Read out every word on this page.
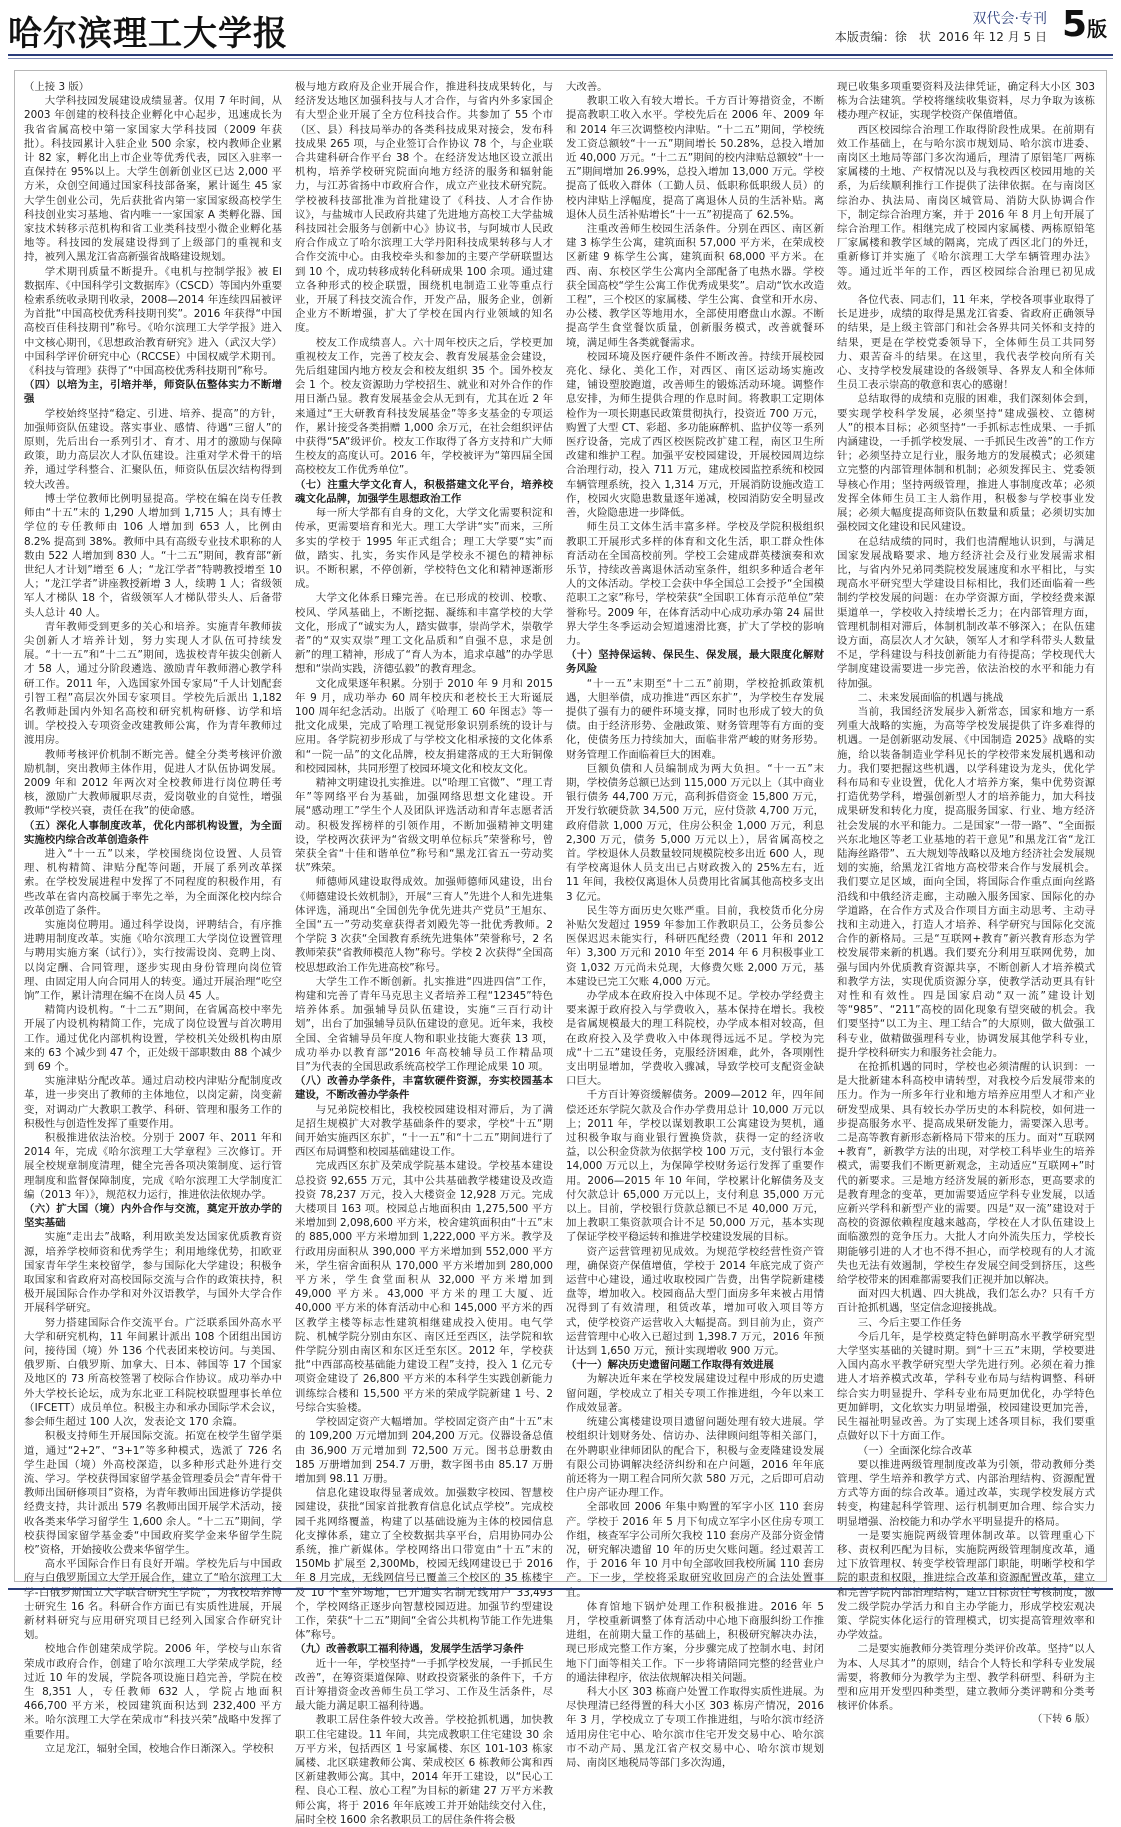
哈尔滨理工大学报	双代会·专刊
本版责编：徐　状 2016 年 12 月 5 日 5版

（上接 3 版）

大学科技园发展建设成绩显著。仅用 7 年时间，从 2003 年创建的校科技企业孵化中心起步，迅速成长为我省省属高校中第一家国家大学科技园（2009 年获批）。科技园累计入驻企业 500 余家，校内教师企业累计 82 家，孵化出上市企业等优秀代表，园区入驻率一直保持在 95%以上。大学生创新创业区已达 2,000 平方米，众创空间通过国家科技部备案，累计诞生 45 家大学生创业公司，先后获批省内第一家国家级高校学生科技创业实习基地、省内唯一一家国家 A 类孵化器、国家技术转移示范机构和省工业类科技型小微企业孵化基地等。科技园的发展建设得到了上级部门的重视和支持，被列入黑龙江省高新强省战略建设规划。

学术期刊质量不断提升。《电机与控制学报》被 EI 数据库、《中国科学引文数据库》（CSCD）等国内外重要检索系统收录期刊收录，2008—2014 年连续四届被评为首批“中国高校优秀科技期刊奖”。2016 年获得“中国高校百佳科技期刊”称号。《哈尔滨理工大学学报》进入中文核心期刊，《思想政治教育研究》进入（武汉大学）中国科学评价研究中心（RCCSE）中国权威学术期刊。《科技与管理》获得了“中国高校优秀科技期刊”称号。

（四）以培为主，引培并举，师资队伍整体实力不断增强

学校始终坚持“稳定、引进、培养、提高”的方针，加强师资队伍建设。落实事业、感情、待遇“三留人”的原则，先后出台一系列引才、育才、用才的激励与保障政策，助力高层次人才队伍建设。注重对学术骨干的培养，通过学科整合、汇聚队伍，师资队伍层次结构得到较大改善。

博士学位教师比例明显提高。学校在编在岗专任教师由“十五”末的 1,290 人增加到 1,715 人；具有博士学位的专任教师由 106 人增加到 653 人，比例由 8.2% 提高到 38%。教师中具有高级专业技术职称的人数由 522 人增加到 830 人。“十二五”期间，教育部“新世纪人才计划”增至 6 人；“龙江学者”特聘教授增至 10 人；“龙江学者”讲座教授新增 3 人，续聘 1 人；省级领军人才梯队 18 个，省级领军人才梯队带头人、后备带头人总计 40 人。

青年教师受到更多的关心和培养。实施青年教师拔尖创新人才培养计划，努力实现人才队伍可持续发展。“十一五”和“十二五”期间，选拔校青年拔尖创新人才 58 人，通过分阶段遴选、激励青年教师潜心教学科研工作。2011 年，入选国家外国专家局“千人计划配套引智工程”高层次外国专家项目。学校先后派出 1,182 名教师赴国内外知名高校和研究机构研修、访学和培训。学校投入专项资金改建教师公寓，作为青年教师过渡用房。

教师考核评价机制不断完善。健全分类考核评价激励机制，突出教师主体作用，促进人才队伍协调发展。2009 年和 2012 年两次对全校教师进行岗位聘任考核，激励广大教师履职尽责，爱岗敬业的自觉性，增强教师“学校兴衰，责任在我”的使命感。

（五）深化人事制度改革，优化内部机构设置，为全面实施校内综合改革创造条件

进入“十一五”以来，学校围绕岗位设置、人员管理、机构精简、津贴分配等问题，开展了系列改革探索。在学校发展进程中发挥了不同程度的积极作用，有些改革在省内高校属于率先之举，为全面深化校内综合改革创造了条件。

实施岗位聘用。通过科学设岗，评聘结合，有序推进聘用制度改革。实施《哈尔滨理工大学岗位设置管理与聘用实施方案（试行）》，实行按需设岗、竞聘上岗、以岗定酬、合同管理，逐步实现由身份管理向岗位管理、由固定用人向合同用人的转变。通过开展治理“吃空饷”工作，累计清理在编不在岗人员 45 人。

精简内设机构。“十二五”期间，在省属高校中率先开展了内设机构精简工作，完成了岗位设置与首次聘用工作。通过优化内部机构设置，学校机关处级机构由原来的 63 个减少到 47 个，正处级干部职数由 88 个减少到 69 个。

实施津贴分配改革。通过启动校内津贴分配制度改革，进一步突出了教师的主体地位，以岗定薪，岗变薪变，对调动广大教职工教学、科研、管理和服务工作的积极性与创造性发挥了重要作用。

积极推进依法治校。分别于 2007 年、2011 年和 2014 年，完成《哈尔滨理工大学章程》三次修订。开展全校规章制度清理，健全完善各项决策制度、运行管理制度和监督保障制度，完成《哈尔滨理工大学制度汇编（2013 年）》，规范权力运行，推进依法依规办学。

（六）扩大国（境）内外合作与交流，奠定开放办学的坚实基础

实施“走出去”战略，利用欧美发达国家优质教育资源，培养学校师资和优秀学生；利用地缘优势，扣欧亚国家青年学生来校留学，参与国际化大学建设；积极争取国家和省政府对高校国际交流与合作的政策扶持，积极开展国际合作办学和对外汉语教学，与国外大学合作开展科学研究。

努力搭建国际合作交流平台。广泛联系国外高水平大学和研究机构，11 年间累计派出 108 个团组出国访问，接待国（境）外 136 个代表团来校访问。与美国、俄罗斯、白俄罗斯、加拿大、日本、韩国等 17 个国家及地区的 73 所高校签署了校际合作协议。成功举办中外大学校长论坛，成为东北亚工科院校联盟理事长单位（IFCETT）成员单位。积极主办和承办国际学术会议，参会师生超过 100 人次，发表论文 170 余篇。

积极支持师生开展国际交流。拓宽在校学生留学渠道，通过“2+2”、“3+1”等多种模式，选派了 726 名学生赴国（境）外高校深造，以多种形式赴外进行交流、学习。学校获得国家留学基金管理委员会“青年骨干教师出国研修项目”资格，为青年教师出国进修访学提供经费支持，共计派出 579 名教师出国开展学术活动，接收各类来华学习留学生 1,600 余人。“十二五”期间，学校获得国家留学基金委“中国政府奖学金来华留学生院校”资格，开始接收公费来华留学生。

高水平国际合作日有良好开端。学校先后与中国政府与白俄罗斯国立大学开展合作，建立了“哈尔滨理工大学-白俄罗斯国立大学联合研究生学院”，为我校培养博士研究生 16 名。科研合作方面已有实质性进展，开展新材料研究与应用研究项目已经列入国家合作研究计划。

校地合作创建荣成学院。2006 年，学校与山东省荣成市政府合作，创建了哈尔滨理工大学荣成学院，经过近 10 年的发展，学院各项设施日趋完善，学院在校生 8,351 人，专任教师 632 人，学院占地面积 466,700 平方米，校园建筑面积达到 232,400 平方米。哈尔滨理工大学在荣成市“科技兴荣”战略中发挥了重要作用。

立足龙江，辐射全国，校地合作日渐深入。学校积

极与地方政府及企业开展合作，推进科技成果转化，与经济发达地区加强科技与人才合作，与省内外多家国企有大型企业开展了全方位科技合作。共参加了 55 个市（区、县）科技局举办的各类科技成果对接会，发布科技成果 265 项，与企业签订合作协议 78 个，与企业联合共建科研合作平台 38 个。在经济发达地区设立派出机构，培养学校研究院面向地方经济的服务和辐射能力，与江苏省扬中市政府合作，成立产业技术研究院。学校被科技部批准为首批建设了《科技、人才合作协议》，与盐城市人民政府共建了先进地方高校工大学盐城科技园社会服务与创新中心》协议书，与阿城市人民政府合作成立了哈尔滨理工大学丹阳科技成果转移与人才合作交流中心。由我校牵头和参加的主要产学研联盟达到 10 个，成功转移成转化科研成果 100 余项。通过建立各种形式的校企联盟，围绕机电制造工业等重点行业，开展了科技交流合作，开发产品，服务企业，创新企业方不断增强，扩大了学校在国内行业领域的知名度。

校友工作成绩喜人。六十周年校庆之后，学校更加重视校友工作，完善了校友会、教育发展基金会建设，先后组建国内地方校友会和校友组织 35 个。国外校友会 1 个。校友资源助力学校招生、就业和对外合作的作用日渐凸显。教育发展基金会从无到有，尤其在近 2 年来通过“王大研教育科技发展基金”等多支基金的专项运作，累计接受各类捐赠 1,000 余万元，在社会组织评估中获得“5A”级评价。校友工作取得了各方支持和广大师生校友的高度认可。2016 年，学校被评为“第四届全国高校校友工作优秀单位”。

（七）注重大学文化育人，积极搭建文化平台，培养校魂文化品牌，加强学生思想政治工作

每一所大学都有自身的文化，大学文化需要积淀和传承，更需要培育和光大。理工大学讲“实”而来，三所多实的学校于 1995 年正式组合；理工大学要“实”而做，踏实、扎实，务实作风是学校永不褪色的精神标识。不断积累，不停创新，学校特色文化和精神逐渐形成。

大学文化体系日臻完善。在已形成的校训、校歌、校风、学风基础上，不断挖掘、凝练和丰富学校的大学文化，形成了“诚实为人，踏实做事，崇尚学术，崇敬学者”的“双实双崇”理工文化品质和“自强不息，求是创新”的理工精神，形成了“育人为本，追求卓越”的办学思想和“崇尚实践，济德弘毅”的教育理念。

文化成果逐年积累。分别于 2010 年 9 月和 2015 年 9 月，成功举办 60 周年校庆和老校长王大珩诞辰 100 周年纪念活动。出版了《哈理工 60 年图志》等一批文化成果，完成了哈理工视觉形象识别系统的设计与应用。各学院初步形成了与学校文化相承接的文化体系和“一院一品”的文化品牌，校友捐建落成的王大珩铜像和校园园林，共同形塑了校园环境文化和校友文化。

精神文明建设扎实推进。以“哈理工官微”、“理工青年”等网络平台为基础，加强网络思想文化建设。开展“感动理工”学生个人及团队评选活动和青年志愿者活动。积极发挥榜样的引领作用，不断加强精神文明建设，学校两次获评为“省级文明单位标兵”荣誉称号，曾荣获全省“十佳和谐单位”称号和“黑龙江省五一劳动奖状”殊荣。

师德师风建设取得成效。加强师德师风建设，出台《师德建设长效机制》，开展“三育人”先进个人和先进集体评选，涌现出“全国创先争优先进共产党员”王旭东、全国“五一”劳动奖章获得者刘殿先等一批优秀教师。2 个学院 3 次获“全国教育系统先进集体”荣誉称号，2 名教师荣获“省教师模范人物”称号。学校 2 次获得“全国高校思想政治工作先进高校”称号。

大学生工作不断创新。扎实推进“四进四信”工作，构建和完善了青年马克思主义者培养工程“12345”特色培养体系。加强辅导员队伍建设，实施“三百行动计划”，出台了加强辅导员队伍建设的意见。近年来，我校全国、全省辅导员年度人物和职业技能大赛获 13 项，成功举办以教育部“2016 年高校辅导员工作精品项目”为代表的全国思政系统高校学工作理论成果 10 项。

（八）改善办学条件，丰富软硬件资源，夯实校园基本建设，不断改善办学条件

与兄弟院校相比，我校校园建设相对滞后，为了满足招生规模扩大对教学基础条件的要求，学校“十五”期间开始实施西区东扩，“十一五”和“十二五”期间进行了西区布局调整和校园基础建设工作。

完成西区东扩及荣成学院基本建设。学校基本建设总投资 92,655 万元，其中公共基础教学楼建设及改造投资 78,237 万元，投入大楼资金 12,928 万元。完成大楼项目 163 项。校园总占地面积由 1,275,500 平方米增加到 2,098,600 平方米，校舍建筑面积由“十五”末的 885,000 平方米增加到 1,222,000 平方米。教学及行政用房面积从 390,000 平方米增加到 552,000 平方米，学生宿舍面积从 170,000 平方米增加到 280,000 平方米，学生食堂面积从 32,000 平方米增加到 49,000 平方米。43,000 平方米的理工大厦、近 40,000 平方米的体育活动中心和 145,000 平方米的西区教学主楼等标志性建筑相继建成投入使用。电气学院、机械学院分别由东区、南区迁至西区，法学院和软件学院分别由南区和东区迁至东区。2012 年，学校获批“中西部高校基础能力建设工程”支持，投入 1 亿元专项资金建设了 26,800 平方米的本科学生实践创新能力训练综合楼和 15,500 平方米的荣成学院新建 1 号、2 号综合实验楼。

学校固定资产大幅增加。学校固定资产由“十五”末的 109,200 万元增加到 204,200 万元。仪器设备总值由 36,900 万元增加到 72,500 万元。图书总册数由 185 万册增加到 254.7 万册，数字图书由 85.17 万册增加到 98.11 万册。

信息化建设取得显著成效。加强数字校园、智慧校园建设，获批“国家首批教育信息化试点学校”。完成校园千兆网络覆盖，构建了以基础设施为主体的校园信息化支撑体系，建立了全校数据共享平台，启用协同办公系统，推广新媒体。学校网络出口带宽由“十五”末的 150Mb 扩展至 2,300Mb，校园无线网建设已于 2016 年 8 月完成，无线网信号已覆盖三个校区的 35 栋楼宇及 10 个室外场地，已开通实名制无线用户 33,493 个，学校网络正逐步向智慧校园迈进。加强节约型建设工作，荣获“十二五”期间“全省公共机构节能工作先进集体”称号。

（九）改善教职工福利待遇，发展学生活学习条件

近十一年，学校坚持“一手抓学校发展，一手抓民生改善”，在筹资渠道保障、财政投资紧张的条件下，千方百计筹措资金改善师生员工学习、工作及生活条件，尽最大能力满足职工福利待遇。

教职工居住条件较大改善。学校抢抓机遇，加快教职工住宅建设。11 年间，共完成教职工住宅建设 30 余万平方米，包括西区 1 号家属楼、东区 101-103 栋家属楼、北区联建教师公寓、荣成校区 6 栋教师公寓和西区新建教师公寓。其中，2014 年开工建设，以“民心工程、良心工程、放心工程”为目标的新建 27 万平方米教师公寓，将于 2016 年年底竣工并开始陆续交付入住，届时全校 1600 余名教职员工的居住条件将会极

大改善。

教职工收入有较大增长。千方百计筹措资金，不断提高教职工收入水平。学校先后在 2006 年、2009 年和 2014 年三次调整校内津贴。“十二五”期间，学校统发工资总额较“十一五”期间增长 50.28%，总投入增加近 40,000 万元。“十二五”期间的校内津贴总额较“十一五”期间增加 26.99%，总投入增加 13,000 万元。学校提高了低收入群体（工勤人员、低职称低职级人员）的校内津贴上浮幅度，提高了离退休人员的生活补贴。离退休人员生活补贴增长“十一五”初提高了 62.5%。

注重改善师生校园生活条件。分别在西区、南区新建 3 栋学生公寓，建筑面积 57,000 平方米，在荣成校区新建 9 栋学生公寓，建筑面积 68,000 平方米。在西、南、东校区学生公寓内全部配备了电热水器。学校获全国高校“学生公寓工作优秀成果奖”。启动“饮水改造工程”，三个校区的家属楼、学生公寓、食堂和开水房、办公楼、教学区等地用水，全部使用磨盘山水源。不断提高学生食堂餐饮质量，创新服务模式，改善就餐环境，满足师生各类就餐需求。

校园环境及医疗硬件条件不断改善。持续开展校园亮化、绿化、美化工作，对西区、南区运动场实施改建，铺设塑胶跑道，改善师生的锻炼活动环境。调整作息安排，为师生提供合理的作息时间。将教职工定期体检作为一项长期惠民政策贯彻执行，投资近 700 万元，购置了大型 CT、彩超、多功能麻醉机、监护仪等一系列医疗设备，完成了西区校医院改扩建工程，南区卫生所改建和维护工程。加强平安校园建设，开展校园周边综合治理行动，投入 711 万元，建成校园监控系统和校园车辆管理系统，投入 1,314 万元，开展消防设施改造工作，校园火灾隐患数量逐年递减，校园消防安全明显改善，火险隐患进一步降低。

师生员工文体生活丰富多样。学校及学院积极组织教职工开展形式多样的体育和文化生活，职工群众性体育活动在全国高校前列。学校工会建成群英楼演奏和欢乐节，持续改善离退休活动室条件，组织多种适合老年人的文体活动。学校工会获中华全国总工会授予“全国模范职工之家”称号，学校荣获“全国职工体育示范单位”荣誉称号。2009 年，在体育活动中心成功承办第 24 届世界大学生冬季运动会短道速滑比赛，扩大了学校的影响力。

（十）坚持保运转、保民生、保发展，最大限度化解财务风险

“十一五”末期至“十二五”前期，学校抢抓政策机遇，大胆举债，成功推进“西区东扩”，为学校生存发展提供了强有力的硬件环境支撑，同时也形成了较大的负债。由于经济形势、金融政策、财务管理等有方面的变化，使债务压力持续加大，面临非常严峻的财务形势。财务管理工作面临着巨大的困难。

巨额负债和人员编制成为两大负担。“十一五”末期，学校债务总额已达到 115,000 万元以上（其中商业银行债务 44,700 万元，高利拆借资金 15,800 万元，开发行软硬贷款 34,500 万元，应付贷款 4,700 万元，政府借款 1,000 万元，住房公积金 1,000 万元，利息 2,300 万元，债务 5,000 万元以上），居省属高校之首。学校退休人员数量较同规模院校多出近 600 人，现有学校离退休人员支出已占财政拨入的 25%左右，近 11 年间，我校仅离退休人员费用比省属其他高校多支出 3 亿元。

民生等方面历史欠账严重。目前，我校货币化分房补贴欠发超过 1959 年参加工作教职员工，公务员参公医保迟迟未能实行，科研匹配经费（2011 年和 2012 年）3,300 万元和 2010 年至 2014 年 6 月积极事业工资 1,032 万元尚未兑现，大修费欠账 2,000 万元，基本建设已完工欠账 4,000 万元。

办学成本在政府投入中体现不足。学校办学经费主要来源于政府投入与学费收入，基本保持在增长。我校是省属规模最大的理工科院校，办学成本相对较高，但在政府投入及学费收入中体现得远远不足。学校为完成“十二五”建设任务，克服经济困难，此外，各项刚性支出明显增加，学费收入骤减，导致学校可支配资金缺口巨大。

千方百计筹资缓解债务。2009—2012 年，四年间偿还还东学院欠款及合作办学费用总计 10,000 万元以上；2011 年，学校以谋划教职工公寓建设为契机，通过积极争取与商业银行置换贷款，获得一定的经济收益，以公积金贷款为依据学校 100 万元，支付银行本金 14,000 万元以上，为保障学校财务运行发挥了重要作用。2006—2015 年 10 年间，学校累计化解债务及支付欠款总计 65,000 万元以上，支付利息 35,000 万元以上。目前，学校银行贷款总额已不足 40,000 万元，加上教职工集资款项合计不足 50,000 万元，基本实现了保证学校平稳运转和推进学校建设发展的目标。

资产运营管理初见成效。为规范学校经营性资产管理，确保资产保值增值，学校于 2014 年底完成了资产运营中心建设，通过收取校园广告费，出售学院新建楼盘等，增加收入。校园商品大型门面房多年来被占用情况得到了有效清理，租赁改革，增加可收入项目等方式，使学校资产运营收入大幅提高。到目前为止，资产运营管理中心收入已超过到 1,398.7 万元，2016 年预计达到 1,650 万元，预计实现增收 900 万元。

（十一）解决历史遗留问题工作取得有效进展

为解决近年来在学校发展建设过程中形成的历史遗留问题，学校成立了相关专项工作推进组，今年以来工作成效显著。

统建公寓楼建设项目遗留问题处理有较大进展。学校组织计划财务处、信访办、法律顾问组等相关部门，在外聘职业律师团队的配合下，积极与金麦隆建设发展有限公司协调解决经济纠纷和在户问题，2016 年年底前还将为一期工程合同所欠款 580 万元，之后即可启动住户房产证办理工作。

全部收回 2006 年集中购置的军字小区 110 套房产。学校于 2016 年 5 月下旬成立军字小区住房专项工作组，核查军字公司所欠我校 110 套房产及部分资金情况，研究解决遗留 10 年的历史欠账问题。经过艰苦工作，于 2016 年 10 月中旬全部收回我校所属 110 套房产。下一步，学校将采取研究收回房产的合法处置事宜。

体育馆地下锅炉处理工作积极推进。2016 年 5 月，学校重新调整了体育活动中心地下商服纠纷工作推进组，在前期大量工作的基础上，积极研究解决办法，现已形成完整工作方案，分步骤完成了控制水电、封闭地下门面等相关工作。下一步将请陪同完整的经营业户的通法律程序，依法依规解决相关问题。

科大小区 303 栋商户处置工作取得实质性进展。为尽快理清已经得置的科大小区 303 栋房产情况，2016 年 3 月，学校成立了专项工作推进组，与哈尔滨市经济适用房住宅中心、哈尔滨市住宅开发交易中心、哈尔滨市不动产局、黑龙江省产权交易中心、哈尔滨市规划局、南岗区地税局等部门多次沟通，

现已收集多项重要资料及法律凭证，确定科大小区 303 栋为合法建筑。学校将继续收集资料，尽力争取为该栋楼办理产权证，实现学校资产保值增值。

西区校园综合治理工作取得阶段性成果。在前期有效工作基础上，在与哈尔滨市规划局、哈尔滨市进委、南岗区土地局等部门多次沟通后，理清了原铝笔厂两栋家属楼的土地、产权情况以及与我校西区校园用地的关系，为后续顺利推行工作提供了法律依据。在与南岗区综治办、执法局、南岗区城管局、消防大队协调合作下，制定综合治理方案，并于 2016 年 8 月上旬开展了综合治理工作。相继完成了校园内家属楼、两栋原铅笔厂家属楼和教学区域的隔离，完成了西区北门的外迁，重新修订并实施了《哈尔滨理工大学车辆管理办法》等。通过近半年的工作，西区校园综合治理已初见成效。

各位代表、同志们，11 年来，学校各项事业取得了长足进步，成绩的取得是黑龙江省委、省政府正确领导的结果，是上级主管部门和社会各界共同关怀和支持的结果，更是在学校党委领导下，全体师生员工共同努力、艰苦奋斗的结果。在这里，我代表学校向所有关心、支持学校发展建设的各级领导、各界友人和全体师生员工表示崇高的敬意和衷心的感谢！

总结取得的成绩和克服的困难，我们深刻体会到，要实现学校科学发展，必须坚持“建成强校、立德树人”的根本目标；必须坚持“一手抓标志性成果、一手抓内涵建设，一手抓学校发展、一手抓民生改善”的工作方针；必须坚持立足行业，服务地方的发展模式；必须建立完整的内部管理体制和机制；必须发挥民主、党委领导核心作用；坚持两级管理，推进人事制度改革；必须发挥全体师生员工主人翁作用，积极参与学校事业发展；必须大幅度提高师资队伍数量和质量；必须切实加强校园文化建设和民风建设。

在总结成绩的同时，我们也清醒地认识到，与满足国家发展战略要求、地方经济社会及行业发展需求相比，与省内外兄弟同类院校发展速度和水平相比，与实现高水平研究型大学建设目标相比，我们还面临着一些制约学校发展的问题：在办学资源方面，学校经费来源渠道单一，学校收入持续增长乏力；在内部管理方面，管理机制相对滞后，体制机制改革不够深入；在队伍建设方面，高层次人才欠缺，领军人才和学科带头人数量不足，学科建设与科技创新能力有待提高；学校现代大学制度建设需要进一步完善，依法治校的水平和能力有待加强。

二、未来发展面临的机遇与挑战

当前，我国经济发展步入新常态，国家和地方一系列重大战略的实施，为高等学校发展提供了许多难得的机遇。一是创新驱动发展、《中国制造 2025》战略的实施，给以装备制造业学科见长的学校带来发展机遇和动力。我们要把握这些机遇，以学科建设为龙头，优化学科布局和专业设置，优化人才培养方案，集中优势资源打造优势学科，增强创新型人才的培养能力，加大科技成果研发和转化力度，提高服务国家、行业、地方经济社会发展的水平和能力。二是国家“一带一路”、“全面振兴东北地区等老工业基地的若干意见”和黑龙江省“龙江陆海丝路带”、五大规划等战略以及地方经济社会发展规划的实施，给黑龙江省地方高校带来合作与发展机会。我们要立足区域，面向全国，将国际合作重点面向丝路沿线和中俄经济走廊，主动融入服务国家、国际化的办学道路，在合作方式及合作项目方面主动思考、主动寻找和主动进入，打造人才培养、科学研究与国际化交流合作的新格局。三是“互联网+教育”新兴教育形态为学校发展带来新的机遇。我们要充分利用互联网优势，加强与国内外优质教育资源共享，不断创新人才培养模式和教学方法，实现优质资源分享，使教学活动更具有针对性和有效性。四是国家启动“双一流”建设计划等“985”、“211”高校的固化现象有望突破的机会。我们要坚持“以工为主、理工结合”的大原则，做大做强工科专业，做精做强理科专业，协调发展其他学科专业，提升学校科研实力和服务社会能力。

在抢抓机遇的同时，学校也必须清醒的认识到：一是大批新建本科高校申请转型，对我校今后发展带来的压力。作为一所多年行业和地方培养应用型人才和产业研发型成果、具有较长办学历史的本科院校，如何进一步提高服务水平、提高成果研发能力，需要深入思考。二是高等教育新形态新格局下带来的压力。面对“互联网+教育”，新教学方法的出现，对学校工科毕业生的培养模式，需要我们不断更新观念，主动适应“互联网+”时代的新要求。三是地方经济发展的新形态，更高要求的是教育理念的变革，更加需要适应学科专业发展，以适应新兴学科和新型产业的需要。四是“双一流”建设对于高校的资源依赖程度越来越高，学校在人才队伍建设上面临激烈的竞争压力。大批人才向外流失压力，学校长期能够引进的人才也不得不担心，而学校现有的人才流失也无法有效遏制，学校生存发展空间受到挤压，这些给学校带来的困难都需要我们正视并加以解决。

面对四大机遇、四大挑战，我们怎么办？只有千方百计抢抓机遇，坚定信念迎接挑战。

三、今后主要工作任务

今后几年，是学校奠定特色鲜明高水平教学研究型大学坚实基础的关键时期。到“十三五”末期，学校要进入国内高水平教学研究型大学先进行列。必须在着力推进人才培养模式改革，学科专业布局与结构调整、科研综合实力明显提升、学科专业布局更加优化，办学特色更加鲜明，文化软实力明显增强，校园建设更加完善，民生福祉明显改善。为了实现上述各项目标，我们要重点做好以下十方面工作。

（一）全面深化综合改革

要以推进两级管理制度改革为引领，带动教师分类管理、学生培养和教学方式、内部治理结构、资源配置方式等方面的综合改革。通过改革，实现学校发展方式转变，构建起科学管理、运行机制更加合理、综合实力明显增强、治校能力和办学水平明显提升的格局。

一是要实施院两级管理体制改革。以管理重心下移、责权利匹配为目标，实施院两级管理制度改革，通过下放管理权、转变学校管理部门职能，明晰学校和学院的职责和权限，推进综合改革和资源配置改革，建立和完善学院内部治理结构，建立目标责任考核制度，激发二级学院办学活力和自主办学能力，形成学校宏观决策、学院实体化运行的管理模式，切实提高管理效率和办学效益。

二是要实施教师分类管理分类评价改革。坚持“以人为本、人尽其才”的原则，结合个人特长和学科专业发展需要，将教师分为教学为主型、教学科研型、科研为主型和应用开发型四种类型，建立教师分类评聘和分类考核评价体系。

（下转 6 版）
